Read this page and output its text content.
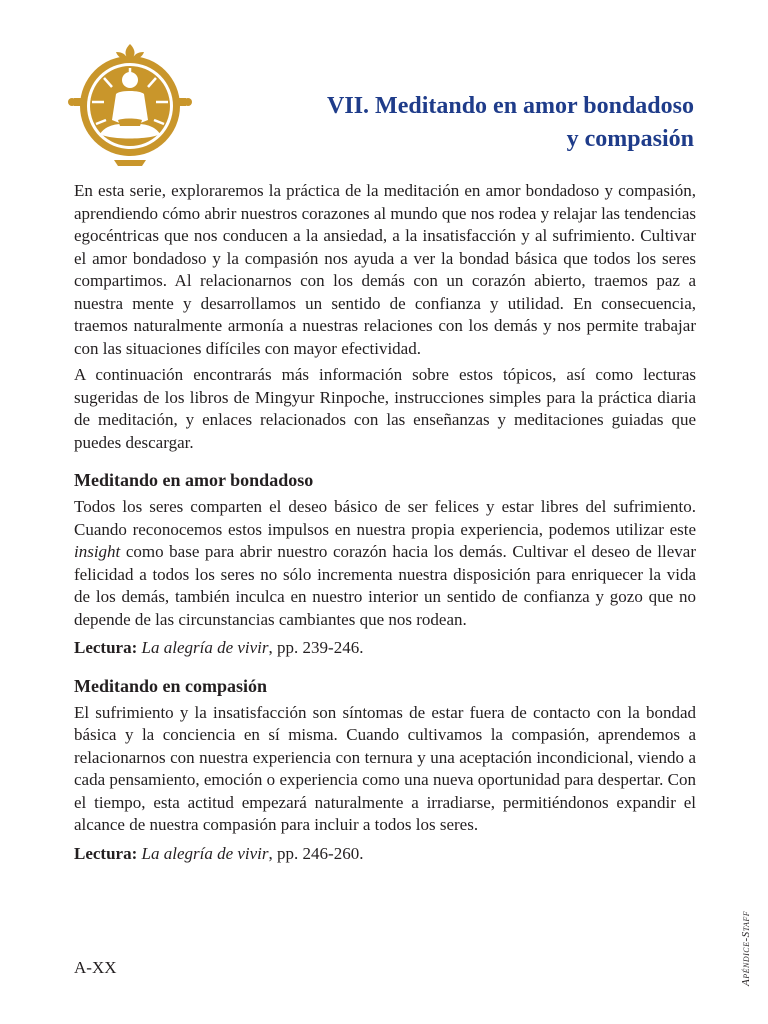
VII. Meditando en amor bondadoso
y compasión

En esta serie, exploraremos la práctica de la meditación en amor bondadoso y compasión, aprendiendo cómo abrir nuestros corazones al mundo que nos rodea y relajar las tendencias egocéntricas que nos conducen a la ansiedad, a la insatisfacción y al sufrimiento. Cultivar el amor bondadoso y la compasión nos ayuda a ver la bondad básica que todos los seres compartimos. Al relacionarnos con los demás con un corazón abierto, traemos paz a nuestra mente y desarrollamos un sentido de confianza y utilidad. En consecuencia, traemos naturalmente armonía a nuestras relaciones con los demás y nos permite trabajar con las situaciones difíciles con mayor efectividad.

A continuación encontrarás más información sobre estos tópicos, así como lecturas sugeridas de los libros de Mingyur Rinpoche, instrucciones simples para la práctica diaria de meditación, y enlaces relacionados con las enseñanzas y meditaciones guiadas que puedes descargar.

Meditando en amor bondadoso

Todos los seres comparten el deseo básico de ser felices y estar libres del sufrimiento. Cuando reconocemos estos impulsos en nuestra propia experiencia, podemos utilizar este insight como base para abrir nuestro corazón hacia los demás. Cultivar el deseo de llevar felicidad a todos los seres no sólo incrementa nuestra disposición para enriquecer la vida de los demás, también inculca en nuestro interior un sentido de confianza y gozo que no depende de las circunstancias cambiantes que nos rodean.

Lectura: La alegría de vivir, pp. 239-246.

Meditando en compasión

El sufrimiento y la insatisfacción son síntomas de estar fuera de contacto con la bondad básica y la conciencia en sí misma. Cuando cultivamos la compasión, aprendemos a relacionarnos con nuestra experiencia con ternura y una aceptación incondicional, viendo a cada pensamiento, emoción o experiencia como una nueva oportunidad para despertar. Con el tiempo, esta actitud empezará naturalmente a irradiarse, permitiéndonos expandir el alcance de nuestra compasión para incluir a todos los seres.

Lectura: La alegría de vivir, pp. 246-260.

A-XX	Apéndice-Staff
